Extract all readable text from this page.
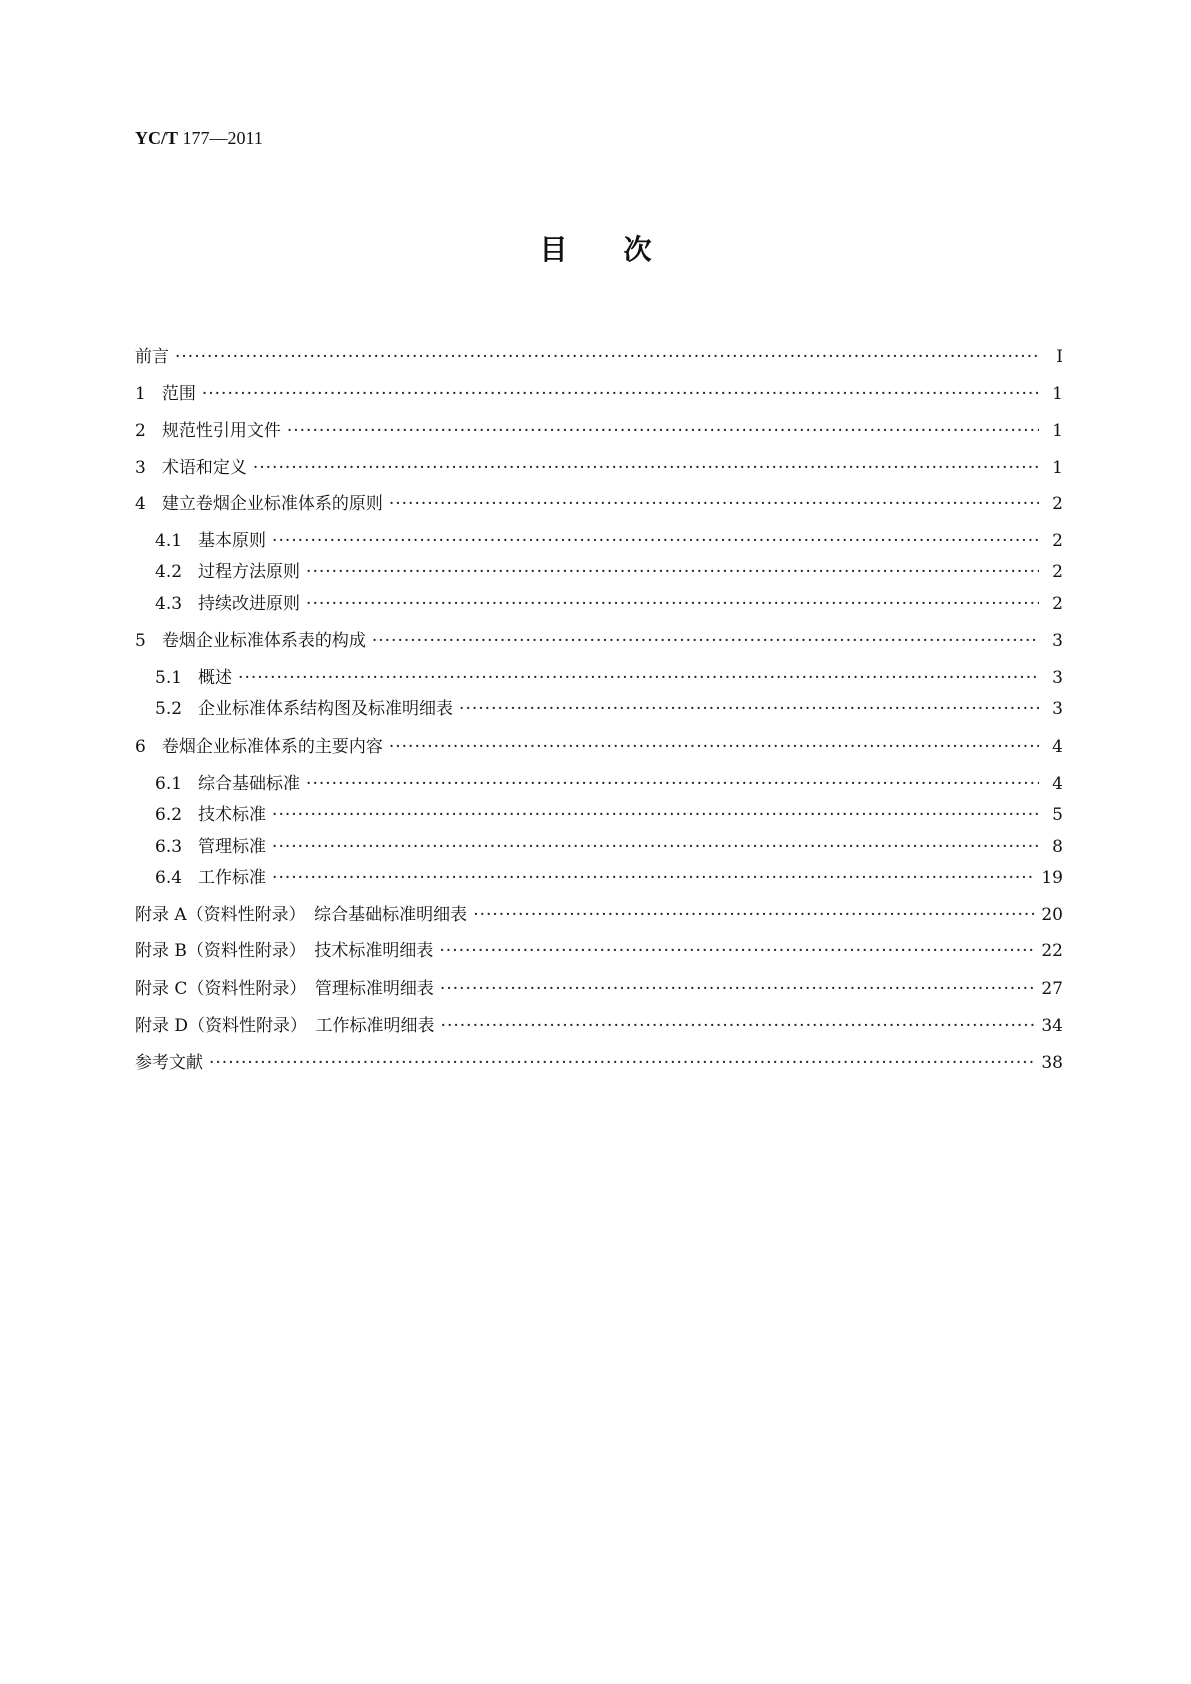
YC/T 177—2011
目次
前言 ·····	Ⅰ
1 范围 ·····	1
2 规范性引用文件 ·····	1
3 术语和定义 ·····	1
4 建立卷烟企业标准体系的原则 ·····	2
4.1 基本原则 ·····	2
4.2 过程方法原则 ·····	2
4.3 持续改进原则 ·····	2
5 卷烟企业标准体系表的构成 ·····	3
5.1 概述 ·····	3
5.2 企业标准体系结构图及标准明细表 ·····	3
6 卷烟企业标准体系的主要内容 ·····	4
6.1 综合基础标准 ·····	4
6.2 技术标准 ·····	5
6.3 管理标准 ·····	8
6.4 工作标准 ·····	19
附录 A（资料性附录）　综合基础标准明细表 ·····	20
附录 B（资料性附录）　技术标准明细表 ·····	22
附录 C（资料性附录）　管理标准明细表 ·····	27
附录 D（资料性附录）　工作标准明细表 ·····	34
参考文献 ·····	38
